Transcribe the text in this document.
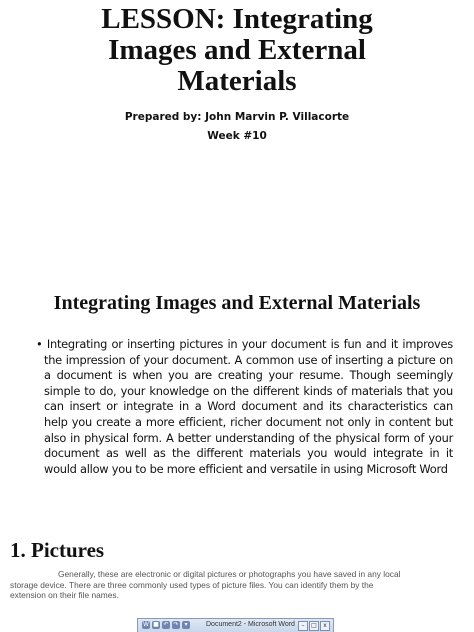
LESSON: Integrating
Images and External
Materials
Prepared by: John Marvin P. Villacorte
Week #10
Integrating Images and External Materials
• Integrating or inserting pictures in your document is fun and it improves the impression of your document. A common use of inserting a picture on a document is when you are creating your resume. Though seemingly simple to do, your knowledge on the different kinds of materials that you can insert or integrate in a Word document and its characteristics can help you create a more efficient, richer document not only in content but also in physical form. A better understanding of the physical form of your document as well as the different materials you would integrate in it would allow you to be more efficient and versatile in using Microsoft Word
1. Pictures
Generally, these are electronic or digital pictures or photographs you have saved in any local
storage device. There are three commonly used types of picture files. You can identify them by the
extension on their file names.
W ■ ↶ ↷ ▾	Document2 - Microsoft Word	–	□	x
